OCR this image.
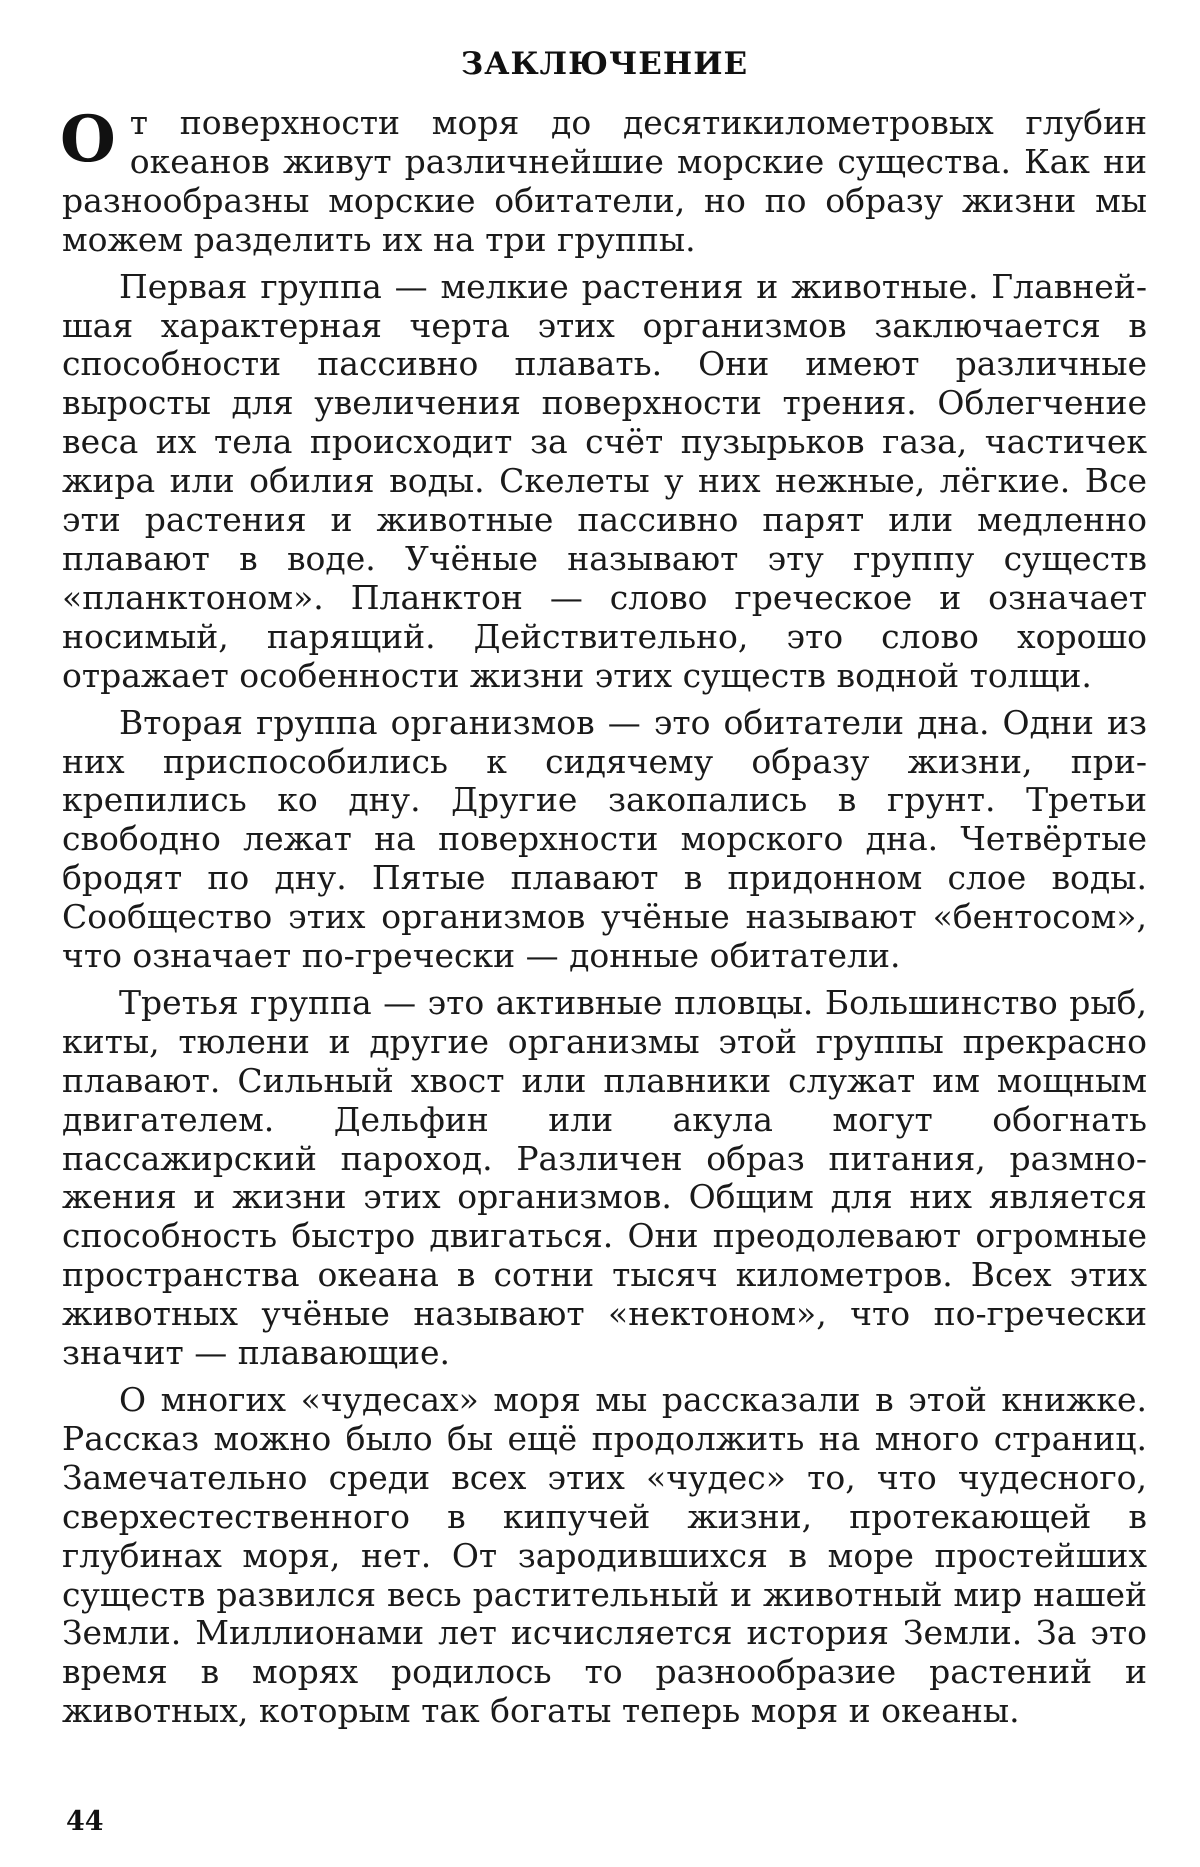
ЗАКЛЮЧЕНИЕ

От поверхности моря до десятикилометровых глубин океанов живут различнейшие морские существа. Как ни разнообразны морские обитатели, но по образу жизни мы можем разделить их на три группы.

Первая группа — мелкие растения и животные. Главнейшая характерная черта этих организмов заключается в способности пассивно плавать. Они имеют различные выросты для увеличения поверхности трения. Облегчение веса их тела происходит за счёт пузырьков газа, частичек жира или обилия воды. Скелеты у них нежные, лёгкие. Все эти растения и животные пассивно парят или медленно плавают в воде. Учёные называют эту группу существ «планктоном». Планктон — слово греческое и означает носимый, парящий. Действительно, это слово хорошо отражает особенности жизни этих существ водной толщи.

Вторая группа организмов — это обитатели дна. Одни из них приспособились к сидячему образу жизни, прикрепились ко дну. Другие закопались в грунт. Третьи свободно лежат на поверхности морского дна. Четвёртые бродят по дну. Пятые плавают в придонном слое воды. Сообщество этих организмов учёные называют «бентосом», что означает по-гречески — донные обитатели.

Третья группа — это активные пловцы. Большинство рыб, киты, тюлени и другие организмы этой группы прекрасно плавают. Сильный хвост или плавники служат им мощным двигателем. Дельфин или акула могут обогнать пассажирский пароход. Различен образ питания, размножения и жизни этих организмов. Общим для них является способность быстро двигаться. Они преодолевают огромные пространства океана в сотни тысяч километров. Всех этих животных учёные называют «нектоном», что по-гречески значит — плавающие.

О многих «чудесах» моря мы рассказали в этой книжке. Рассказ можно было бы ещё продолжить на много страниц. Замечательно среди всех этих «чудес» то, что чудесного, сверхестественного в кипучей жизни, протекающей в глубинах моря, нет. От зародившихся в море простейших существ развился весь растительный и животный мир нашей Земли. Миллионами лет исчисляется история Земли. За это время в морях родилось то разнообразие растений и животных, которым так богаты теперь моря и океаны.

44
